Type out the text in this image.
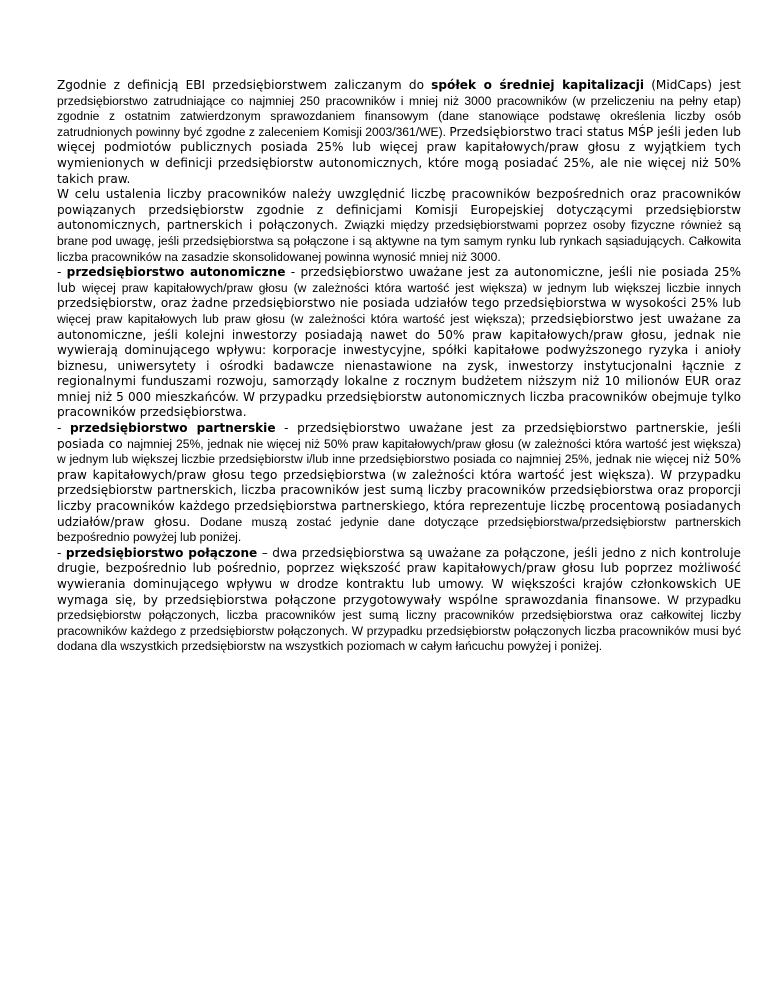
Zgodnie z definicją EBI przedsiębiorstwem zaliczanym do spółek o średniej kapitalizacji (MidCaps) jest przedsiębiorstwo zatrudniające co najmniej 250 pracowników i mniej niż 3000 pracowników (w przeliczeniu na pełny etap) zgodnie z ostatnim zatwierdzonym sprawozdaniem finansowym (dane stanowiące podstawę określenia liczby osób zatrudnionych powinny być zgodne z zaleceniem Komisji 2003/361/WE). Przedsiębiorstwo traci status MŚP jeśli jeden lub więcej podmiotów publicznych posiada 25% lub więcej praw kapitałowych/praw głosu z wyjątkiem tych wymienionych w definicji przedsiębiorstw autonomicznych, które mogą posiadać 25%, ale nie więcej niż 50% takich praw.

W celu ustalenia liczby pracowników należy uwzględnić liczbę pracowników bezpośrednich oraz pracowników powiązanych przedsiębiorstw zgodnie z definicjami Komisji Europejskiej dotyczącymi przedsiębiorstw autonomicznych, partnerskich i połączonych. Związki między przedsiębiorstwami poprzez osoby fizyczne również są brane pod uwagę, jeśli przedsiębiorstwa są połączone i są aktywne na tym samym rynku lub rynkach sąsiadujących. Całkowita liczba pracowników na zasadzie skonsolidowanej powinna wynosić mniej niż 3000.

- przedsiębiorstwo autonomiczne - przedsiębiorstwo uważane jest za autonomiczne, jeśli nie posiada 25% lub więcej praw kapitałowych/praw głosu (w zależności która wartość jest większa) w jednym lub większej liczbie innych przedsiębiorstw, oraz żadne przedsiębiorstwo nie posiada udziałów tego przedsiębiorstwa w wysokości 25% lub więcej praw kapitałowych lub praw głosu (w zależności która wartość jest większa); przedsiębiorstwo jest uważane za autonomiczne, jeśli kolejni inwestorzy posiadają nawet do 50% praw kapitałowych/praw głosu, jednak nie wywierają dominującego wpływu: korporacje inwestycyjne, spółki kapitałowe podwyższonego ryzyka i anioły biznesu, uniwersytety i ośrodki badawcze nienastawione na zysk, inwestorzy instytucjonalni łącznie z regionalnymi funduszami rozwoju, samorządy lokalne z rocznym budżetem niższym niż 10 milionów EUR oraz mniej niż 5 000 mieszkańców. W przypadku przedsiębiorstw autonomicznych liczba pracowników obejmuje tylko pracowników przedsiębiorstwa.

- przedsiębiorstwo partnerskie - przedsiębiorstwo uważane jest za przedsiębiorstwo partnerskie, jeśli posiada co najmniej 25%, jednak nie więcej niż 50% praw kapitałowych/praw głosu (w zależności która wartość jest większa) w jednym lub większej liczbie przedsiębiorstw i/lub inne przedsiębiorstwo posiada co najmniej 25%, jednak nie więcej niż 50% praw kapitałowych/praw głosu tego przedsiębiorstwa (w zależności która wartość jest większa). W przypadku przedsiębiorstw partnerskich, liczba pracowników jest sumą liczby pracowników przedsiębiorstwa oraz proporcji liczby pracowników każdego przedsiębiorstwa partnerskiego, która reprezentuje liczbę procentową posiadanych udziałów/praw głosu. Dodane muszą zostać jedynie dane dotyczące przedsiębiorstwa/przedsiębiorstw partnerskich bezpośrednio powyżej lub poniżej.

- przedsiębiorstwo połączone – dwa przedsiębiorstwa są uważane za połączone, jeśli jedno z nich kontroluje drugie, bezpośrednio lub pośrednio, poprzez większość praw kapitałowych/praw głosu lub poprzez możliwość wywierania dominującego wpływu w drodze kontraktu lub umowy. W większości krajów członkowskich UE wymaga się, by przedsiębiorstwa połączone przygotowywały wspólne sprawozdania finansowe. W przypadku przedsiębiorstw połączonych, liczba pracowników jest sumą liczny pracowników przedsiębiorstwa oraz całkowitej liczby pracowników każdego z przedsiębiorstw połączonych. W przypadku przedsiębiorstw połączonych liczba pracowników musi być dodana dla wszystkich przedsiębiorstw na wszystkich poziomach w całym łańcuchu powyżej i poniżej.
